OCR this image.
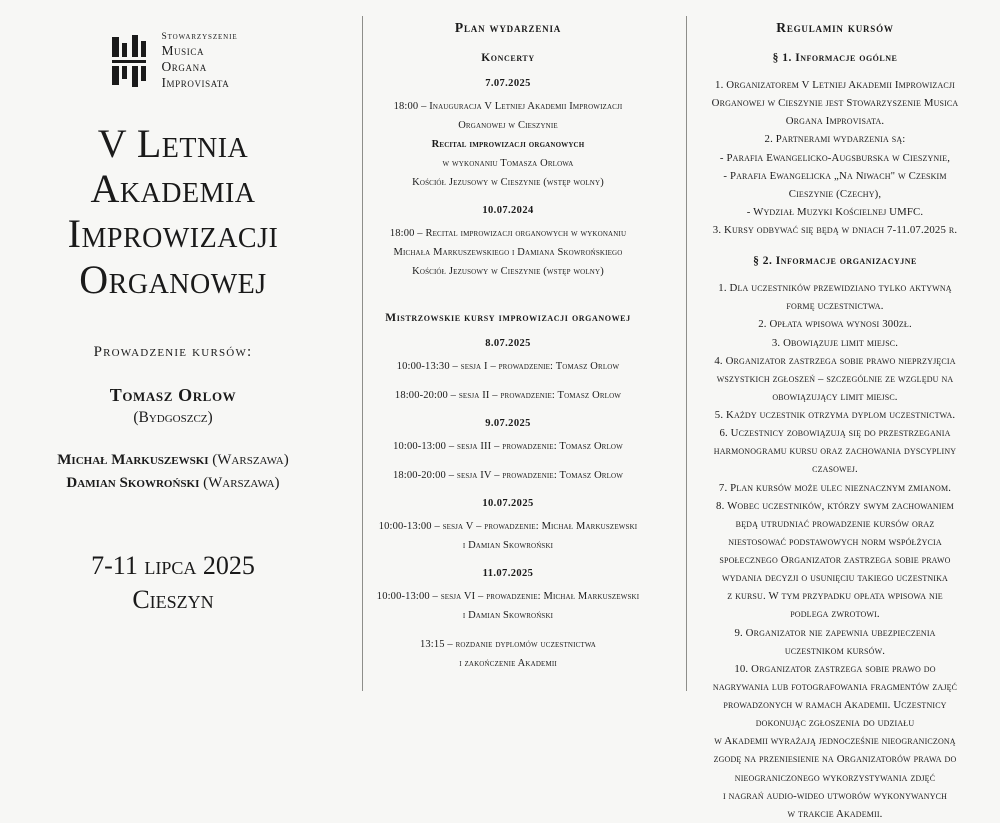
Stowarzyszenie
Musica
Organa
Improvisata
V Letnia
Akademia
Improwizacji
Organowej
Prowadzenie kursów:
Tomasz Orlow
(Bydgoszcz)
Michał Markuszewski (Warszawa)
Damian Skowroński (Warszawa)
7-11 lipca 2025
Cieszyn
Plan wydarzenia
Koncerty
7.07.2025
18:00 – Inauguracja V Letniej Akademii Improwizacji
Organowej w Cieszynie
Recital improwizacji organowych
w wykonaniu Tomasza Orlowa
Kościół Jezusowy w Cieszynie (wstęp wolny)
10.07.2024
18:00 – Recital improwizacji organowych w wykonaniu
Michała Markuszewskiego i Damiana Skowrońskiego
Kościół Jezusowy w Cieszynie (wstęp wolny)
Mistrzowskie kursy improwizacji organowej
8.07.2025
10:00-13:30 – sesja I – prowadzenie: Tomasz Orlow
18:00-20:00 – sesja II – prowadzenie: Tomasz Orlow
9.07.2025
10:00-13:00 – sesja III – prowadzenie: Tomasz Orlow
18:00-20:00 – sesja IV – prowadzenie: Tomasz Orlow
10.07.2025
10:00-13:00 – sesja V – prowadzenie: Michał Markuszewski
i Damian Skowroński
11.07.2025
10:00-13:00 – sesja VI – prowadzenie: Michał Markuszewski
i Damian Skowroński
13:15 – rozdanie dyplomów uczestnictwa
i zakończenie Akademii
Regulamin kursów
§ 1. Informacje ogólne
1. Organizatorem V Letniej Akademii Improwizacji
Organowej w Cieszynie jest Stowarzyszenie Musica
Organa Improvisata.
2. Partnerami wydarzenia są:
- Parafia Ewangelicko-Augsburska w Cieszynie,
- Parafia Ewangelicka „Na Niwach" w Czeskim
Cieszynie (Czechy),
- Wydział Muzyki Kościelnej UMFC.
3. Kursy odbywać się będą w dniach 7-11.07.2025 r.
§ 2. Informacje organizacyjne
1. Dla uczestników przewidziano tylko aktywną
formę uczestnictwa.
2. Opłata wpisowa wynosi 300zł.
3. Obowiązuje limit miejsc.
4. Organizator zastrzega sobie prawo nieprzyjęcia
wszystkich zgłoszeń – szczególnie ze względu na
obowiązujący limit miejsc.
5. Każdy uczestnik otrzyma dyplom uczestnictwa.
6. Uczestnicy zobowiązują się do przestrzegania
harmonogramu kursu oraz zachowania dyscypliny
czasowej.
7. Plan kursów może ulec nieznacznym zmianom.
8. Wobec uczestników, którzy swym zachowaniem
będą utrudniać prowadzenie kursów oraz
niestosować podstawowych norm współżycia
społecznego Organizator zastrzega sobie prawo
wydania decyzji o usunięciu takiego uczestnika
z kursu. W tym przypadku opłata wpisowa nie
podlega zwrotowi.
9. Organizator nie zapewnia ubezpieczenia
uczestnikom kursów.
10. Organizator zastrzega sobie prawo do
nagrywania lub fotografowania fragmentów zajęć
prowadzonych w ramach Akademii. Uczestnicy
dokonując zgłoszenia do udziału
w Akademii wyrażają jednocześnie nieograniczoną
zgodę na przeniesienie na Organizatorów prawa do
nieograniczonego wykorzystywania zdjęć
i nagrań audio-wideo utworów wykonywanych
w trakcie Akademii.
